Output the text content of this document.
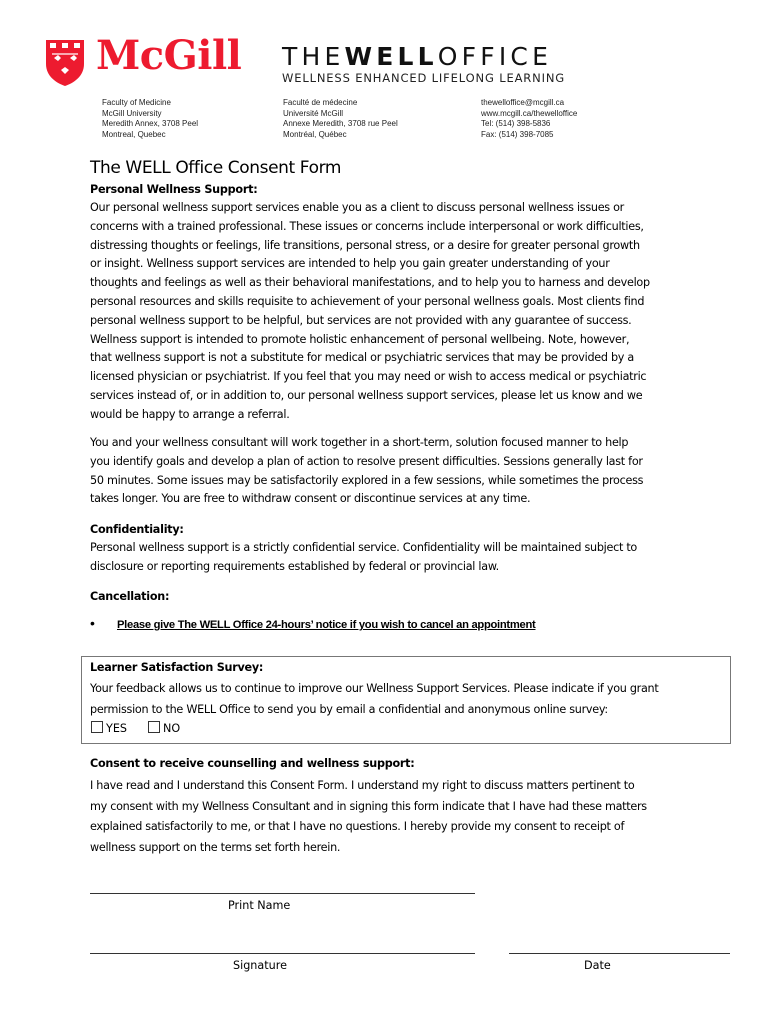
McGill THEWELLOFFICE
WELLNESS ENHANCED LIFELONG LEARNING
Faculty of Medicine
McGill University
Meredith Annex, 3708 Peel
Montreal, Quebec
Faculté de médecine
Université McGill
Annexe Meredith, 3708 rue Peel
Montréal, Québec
thewelloffice@mcgill.ca
www.mcgill.ca/thewelloffice
Tel: (514) 398-5836
Fax: (514) 398-7085
The WELL Office Consent Form
Personal Wellness Support:
Our personal wellness support services enable you as a client to discuss personal wellness issues or
concerns with a trained professional. These issues or concerns include interpersonal or work difficulties,
distressing thoughts or feelings, life transitions, personal stress, or a desire for greater personal growth
or insight. Wellness support services are intended to help you gain greater understanding of your
thoughts and feelings as well as their behavioral manifestations, and to help you to harness and develop
personal resources and skills requisite to achievement of your personal wellness goals. Most clients find
personal wellness support to be helpful, but services are not provided with any guarantee of success.
Wellness support is intended to promote holistic enhancement of personal wellbeing. Note, however,
that wellness support is not a substitute for medical or psychiatric services that may be provided by a
licensed physician or psychiatrist. If you feel that you may need or wish to access medical or psychiatric
services instead of, or in addition to, our personal wellness support services, please let us know and we
would be happy to arrange a referral.
You and your wellness consultant will work together in a short-term, solution focused manner to help
you identify goals and develop a plan of action to resolve present difficulties. Sessions generally last for
50 minutes. Some issues may be satisfactorily explored in a few sessions, while sometimes the process
takes longer. You are free to withdraw consent or discontinue services at any time.
Confidentiality:
Personal wellness support is a strictly confidential service. Confidentiality will be maintained subject to
disclosure or reporting requirements established by federal or provincial law.
Cancellation:
• Please give The WELL Office 24-hours’ notice if you wish to cancel an appointment
Learner Satisfaction Survey:
Your feedback allows us to continue to improve our Wellness Support Services. Please indicate if you grant
permission to the WELL Office to send you by email a confidential and anonymous online survey:
YES	NO
Consent to receive counselling and wellness support:
I have read and I understand this Consent Form. I understand my right to discuss matters pertinent to
my consent with my Wellness Consultant and in signing this form indicate that I have had these matters
explained satisfactorily to me, or that I have no questions. I hereby provide my consent to receipt of
wellness support on the terms set forth herein.
Print Name
Signature	Date
